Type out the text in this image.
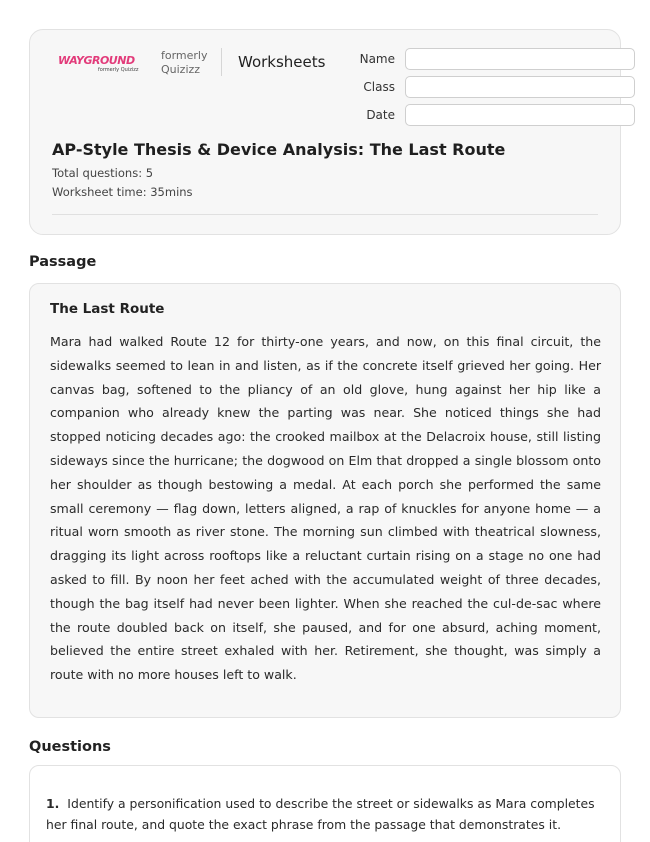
WAYGROUND
formerly Quizizz
formerly
Quizizz	Worksheets	Name
Class
Date
AP-Style Thesis & Device Analysis: The Last Route
Total questions: 5
Worksheet time: 35mins
Passage
The Last Route
Mara had walked Route 12 for thirty-one years, and now, on this final circuit, the sidewalks seemed to lean in and listen, as if the concrete itself grieved her going. Her canvas bag, softened to the pliancy of an old glove, hung against her hip like a companion who already knew the parting was near. She noticed things she had stopped noticing decades ago: the crooked mailbox at the Delacroix house, still listing sideways since the hurricane; the dogwood on Elm that dropped a single blossom onto her shoulder as though bestowing a medal. At each porch she performed the same small ceremony — flag down, letters aligned, a rap of knuckles for anyone home — a ritual worn smooth as river stone. The morning sun climbed with theatrical slowness, dragging its light across rooftops like a reluctant curtain rising on a stage no one had asked to fill. By noon her feet ached with the accumulated weight of three decades, though the bag itself had never been lighter. When she reached the cul-de-sac where the route doubled back on itself, she paused, and for one absurd, aching moment, believed the entire street exhaled with her. Retirement, she thought, was simply a route with no more houses left to walk.
Questions
1. Identify a personification used to describe the street or sidewalks as Mara completes her final route, and quote the exact phrase from the passage that demonstrates it.
